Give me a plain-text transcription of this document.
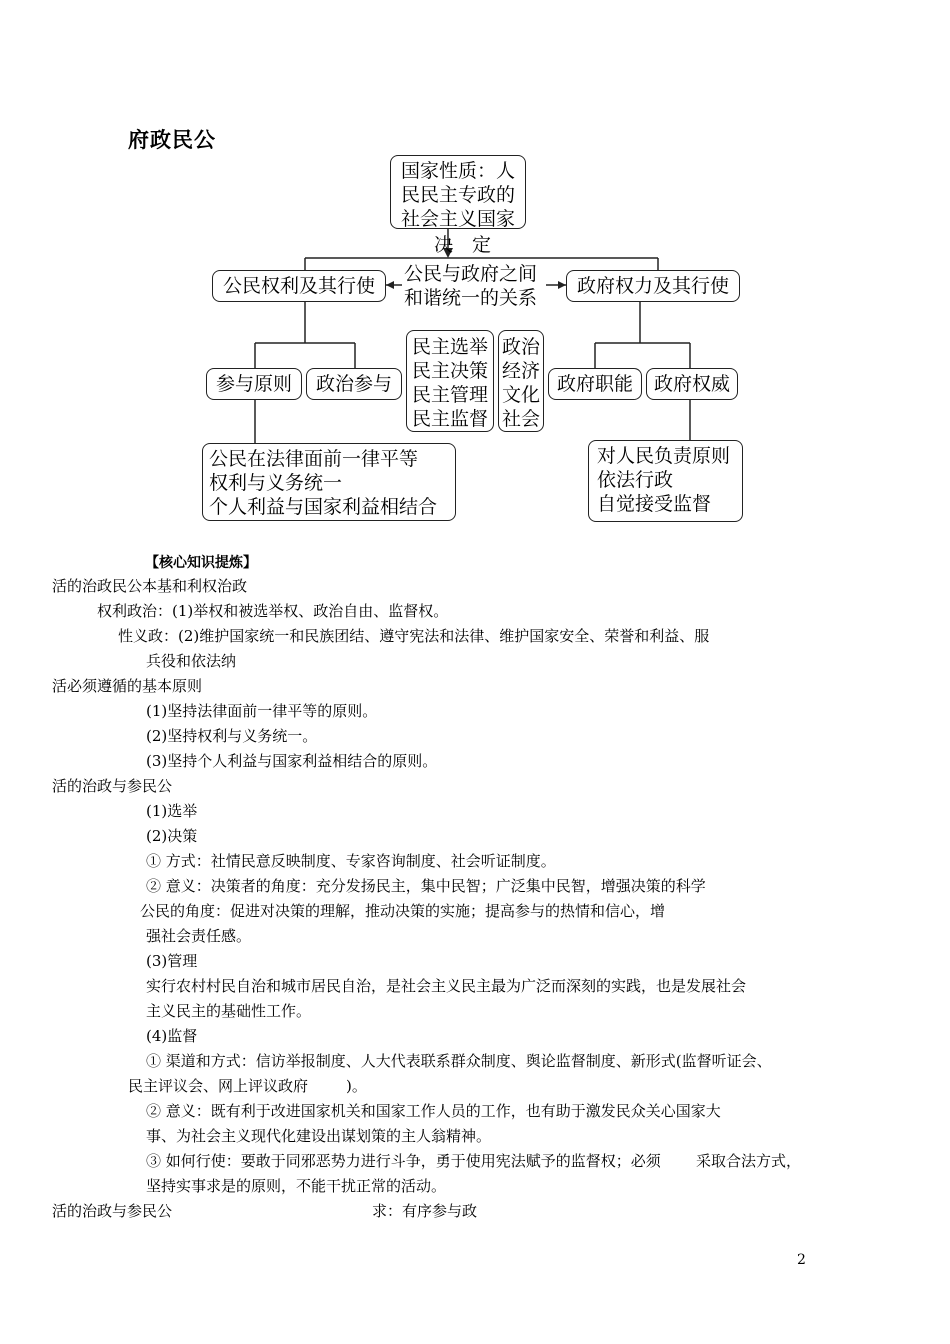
府政民公
国家性质：人
民民主专政的
社会主义国家
决　定
公民与政府之间
和谐统一的关系
公民权利及其行使	政府权力及其行使
参与原则	政治参与
民主选举
民主决策
民主管理
民主监督
政治
经济
文化
社会
政府职能	政府权威
公民在法律面前一律平等
权利与义务统一
个人利益与国家利益相结合
对人民负责原则
依法行政
自觉接受监督
【核心知识提炼】
活的治政民公本基和利权治政
权利政治：(1)举权和被选举权、政治自由、监督权。
性义政：(2)维护国家统一和民族团结、遵守宪法和法律、维护国家安全、荣誉和利益、服
兵役和依法纳
活必须遵循的基本原则
(1)坚持法律面前一律平等的原则。
(2)坚持权利与义务统一。
(3)坚持个人利益与国家利益相结合的原则。
活的治政与参民公
(1)选举
(2)决策
① 方式：社情民意反映制度、专家咨询制度、社会听证制度。
② 意义：决策者的角度：充分发扬民主，集中民智；广泛集中民智，增强决策的科学
公民的角度：促进对决策的理解，推动决策的实施；提高参与的热情和信心，增
强社会责任感。
(3)管理
实行农村村民自治和城市居民自治，是社会主义民主最为广泛而深刻的实践，也是发展社会
主义民主的基础性工作。
(4)监督
① 渠道和方式：信访举报制度、人大代表联系群众制度、舆论监督制度、新形式(监督听证会、
民主评议会、网上评议政府	)。
② 意义：既有利于改进国家机关和国家工作人员的工作，也有助于激发民众关心国家大
事、为社会主义现代化建设出谋划策的主人翁精神。
③ 如何行使：要敢于同邪恶势力进行斗争，勇于使用宪法赋予的监督权；必须 采取合法方式，
坚持实事求是的原则，不能干扰正常的活动。
活的治政与参民公	求：有序参与政
2
